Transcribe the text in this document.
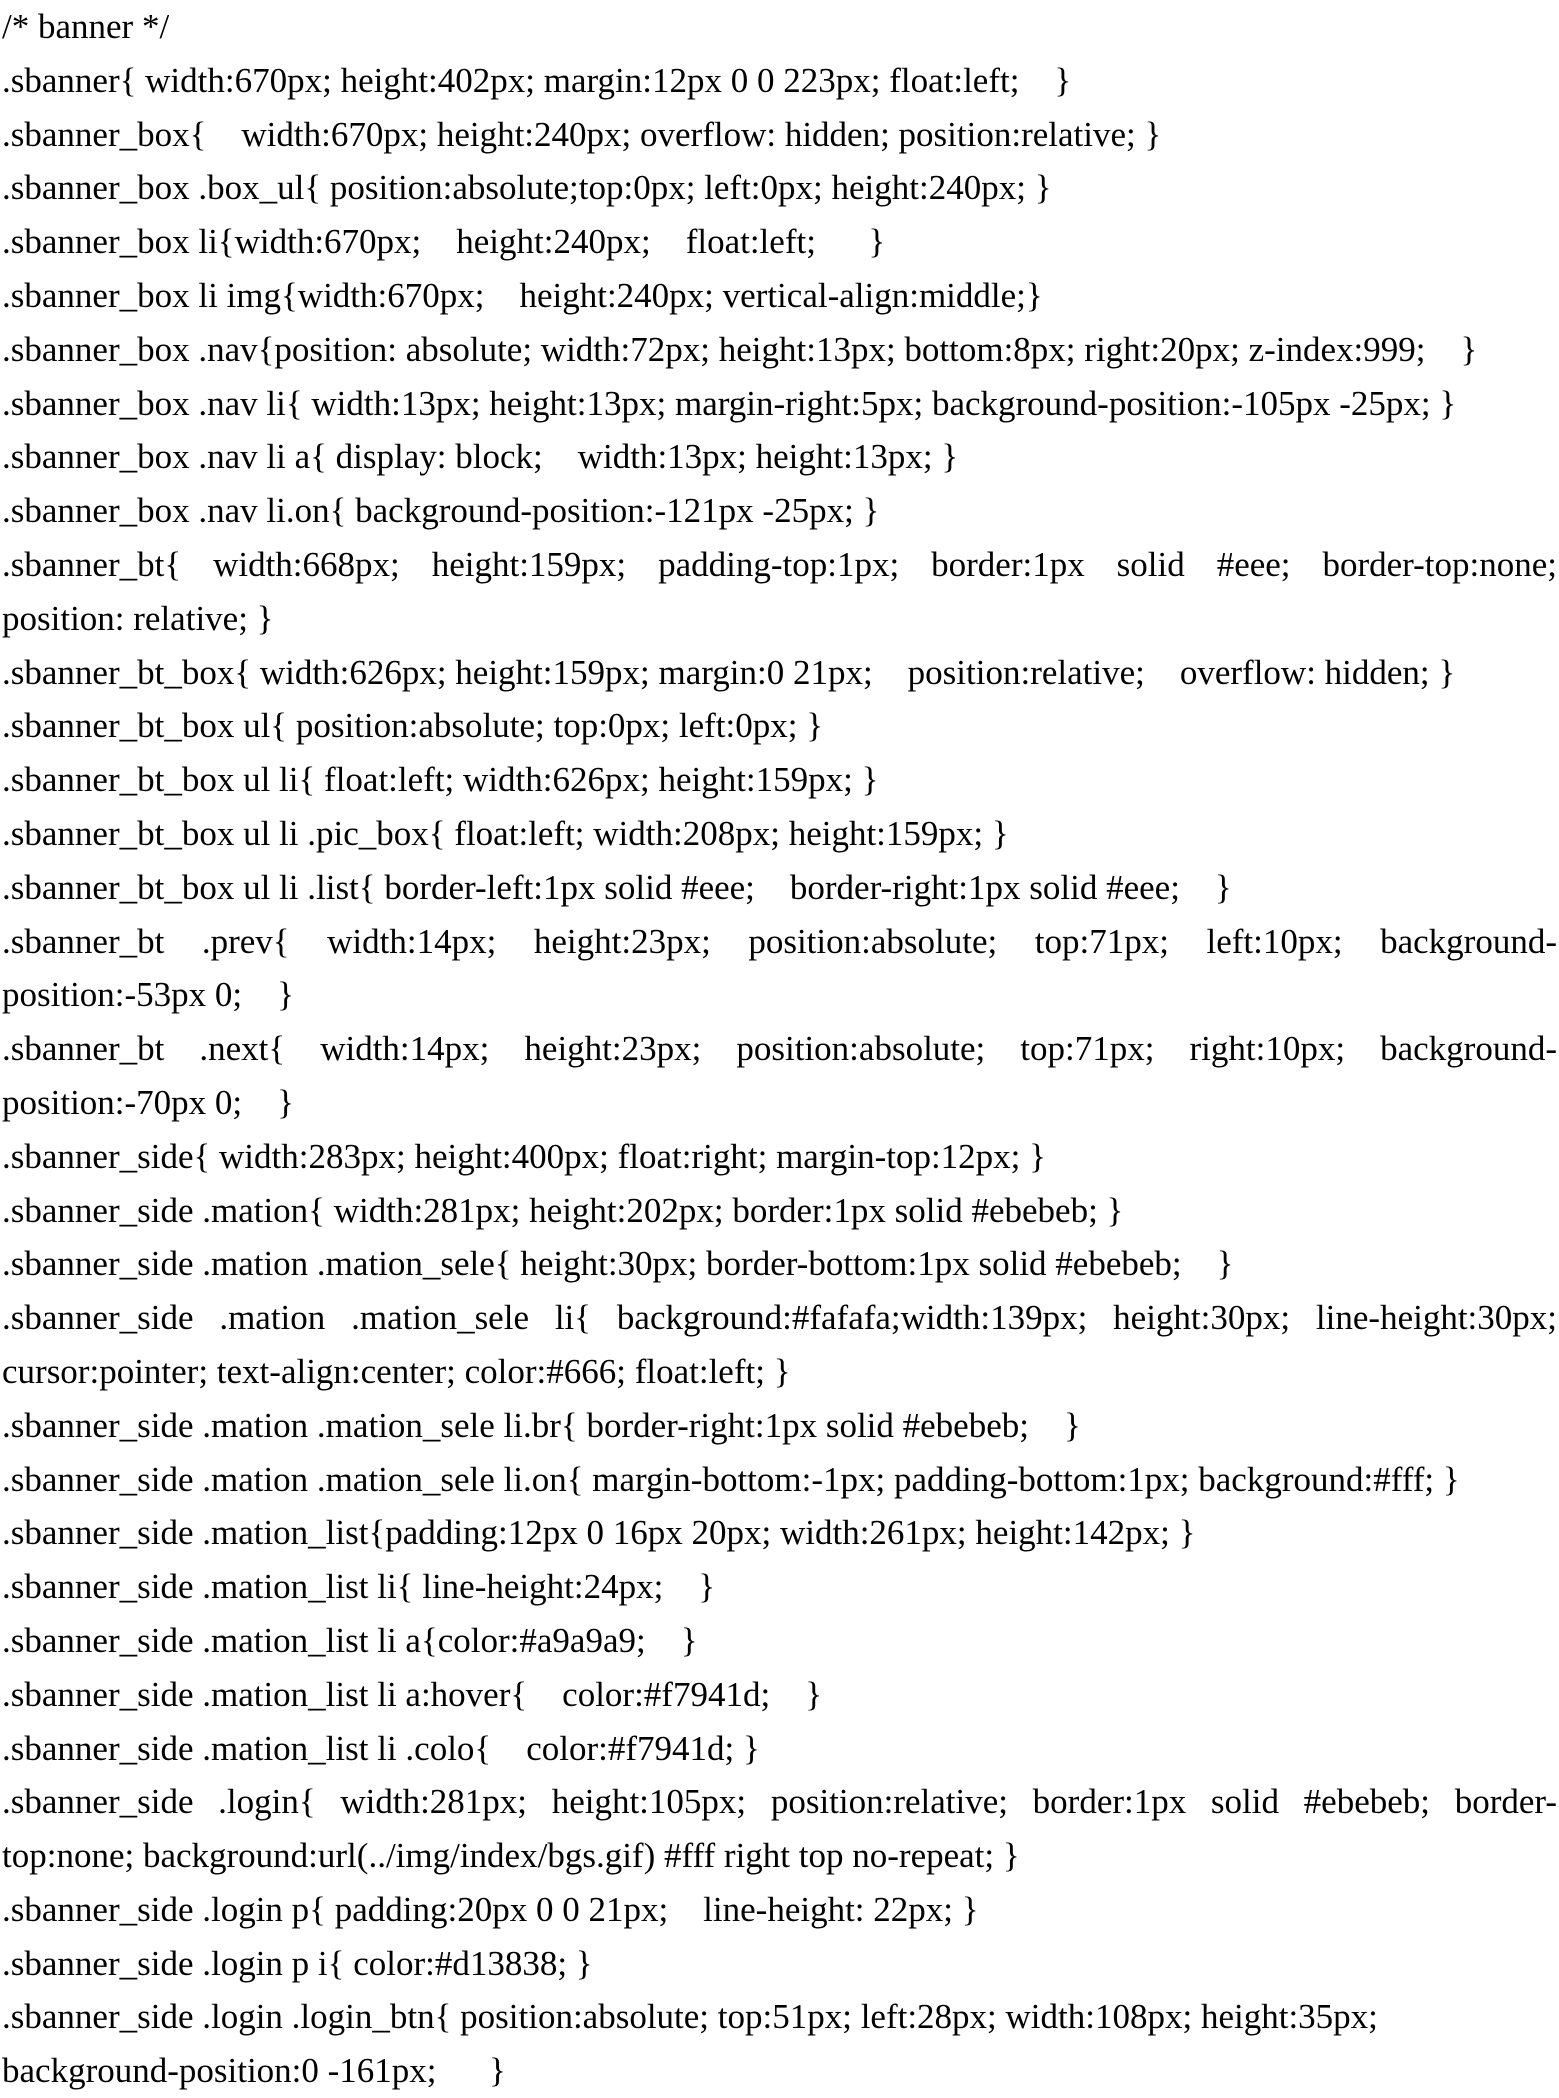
/* banner */
.sbanner{ width:670px; height:402px; margin:12px 0 0 223px; float:left;    }
.sbanner_box{    width:670px; height:240px; overflow: hidden; position:relative; }
.sbanner_box .box_ul{ position:absolute;top:0px; left:0px; height:240px; }
.sbanner_box li{width:670px;    height:240px;    float:left;      }
.sbanner_box li img{width:670px;    height:240px; vertical-align:middle;}
.sbanner_box .nav{position: absolute; width:72px; height:13px; bottom:8px; right:20px; z-index:999;    }
.sbanner_box .nav li{ width:13px; height:13px; margin-right:5px; background-position:-105px -25px; }
.sbanner_box .nav li a{ display: block;    width:13px; height:13px; }
.sbanner_box .nav li.on{ background-position:-121px -25px; }
.sbanner_bt{ width:668px; height:159px; padding-top:1px; border:1px solid #eee; border-top:none;
position: relative; }
.sbanner_bt_box{ width:626px; height:159px; margin:0 21px;    position:relative;    overflow: hidden; }
.sbanner_bt_box ul{ position:absolute; top:0px; left:0px; }
.sbanner_bt_box ul li{ float:left; width:626px; height:159px; }
.sbanner_bt_box ul li .pic_box{ float:left; width:208px; height:159px; }
.sbanner_bt_box ul li .list{ border-left:1px solid #eee;    border-right:1px solid #eee;    }
.sbanner_bt .prev{ width:14px; height:23px; position:absolute; top:71px; left:10px; background-
position:-53px 0;    }
.sbanner_bt .next{ width:14px; height:23px; position:absolute; top:71px; right:10px; background-
position:-70px 0;    }
.sbanner_side{ width:283px; height:400px; float:right; margin-top:12px; }
.sbanner_side .mation{ width:281px; height:202px; border:1px solid #ebebeb; }
.sbanner_side .mation .mation_sele{ height:30px; border-bottom:1px solid #ebebeb;    }
.sbanner_side .mation .mation_sele li{ background:#fafafa;width:139px; height:30px; line-height:30px;
cursor:pointer; text-align:center; color:#666; float:left; }
.sbanner_side .mation .mation_sele li.br{ border-right:1px solid #ebebeb;    }
.sbanner_side .mation .mation_sele li.on{ margin-bottom:-1px; padding-bottom:1px; background:#fff; }
.sbanner_side .mation_list{padding:12px 0 16px 20px; width:261px; height:142px; }
.sbanner_side .mation_list li{ line-height:24px;    }
.sbanner_side .mation_list li a{color:#a9a9a9;    }
.sbanner_side .mation_list li a:hover{    color:#f7941d;    }
.sbanner_side .mation_list li .colo{    color:#f7941d; }
.sbanner_side .login{ width:281px; height:105px; position:relative; border:1px solid #ebebeb; border-
top:none; background:url(../img/index/bgs.gif) #fff right top no-repeat; }
.sbanner_side .login p{ padding:20px 0 0 21px;    line-height: 22px; }
.sbanner_side .login p i{ color:#d13838; }
.sbanner_side .login .login_btn{ position:absolute; top:51px; left:28px; width:108px; height:35px;
background-position:0 -161px;      }
